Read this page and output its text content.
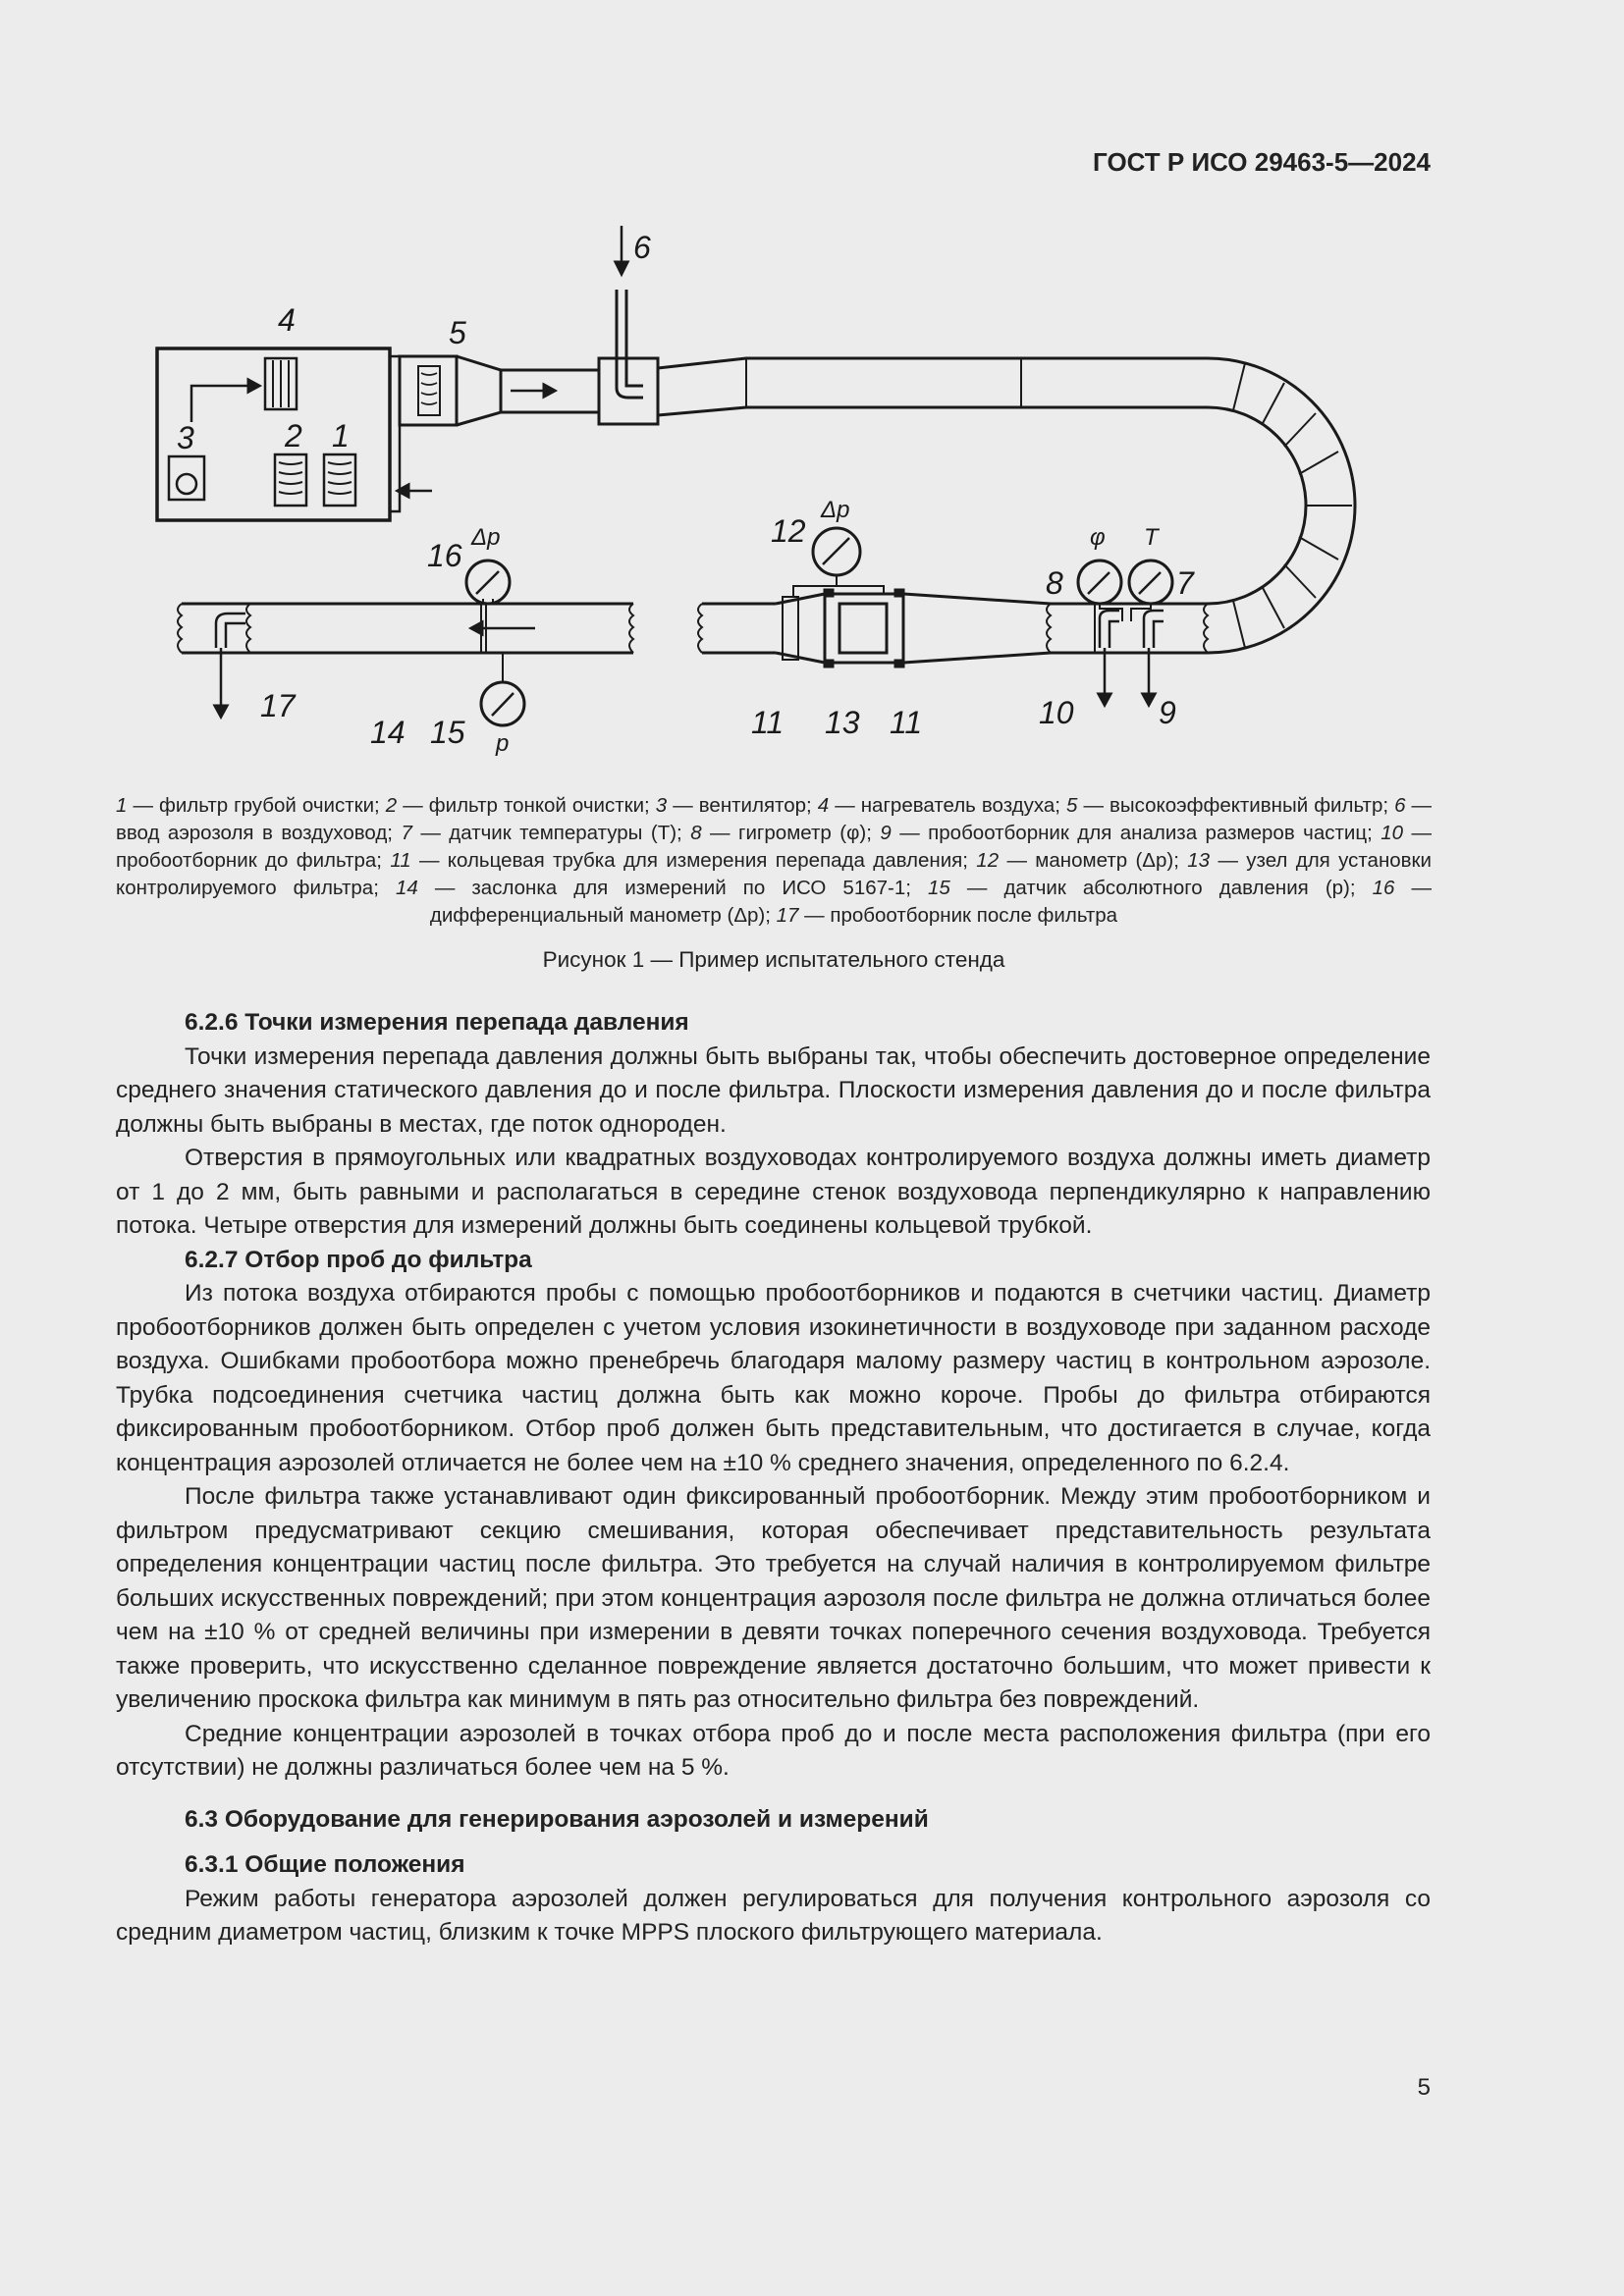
ГОСТ Р ИСО 29463-5—2024
4	5
6
3	2 1
16
Δp	12
Δp
8
φ T
7
10	9
11 13 11
17
14 15 p
1 — фильтр грубой очистки; 2 — фильтр тонкой очистки; 3 — вентилятор; 4 — нагреватель воздуха; 5 — высокоэффективный фильтр; 6 — ввод аэрозоля в воздуховод; 7 — датчик температуры (T); 8 — гигрометр (φ); 9 — пробоотборник для анализа размеров частиц; 10 — пробоотборник до фильтра; 11 — кольцевая трубка для измерения перепада давления; 12 — манометр (Δp); 13 — узел для установки контролируемого фильтра; 14 — заслонка для измерений по ИСО 5167-1; 15 — датчик абсолютного давления (p); 16 — дифференциальный манометр (Δp); 17 — пробоотборник после фильтра
Рисунок 1 — Пример испытательного стенда
6.2.6 Точки измерения перепада давления

Точки измерения перепада давления должны быть выбраны так, чтобы обеспечить достоверное определение среднего значения статического давления до и после фильтра. Плоскости измерения давления до и после фильтра должны быть выбраны в местах, где поток однороден.

Отверстия в прямоугольных или квадратных воздуховодах контролируемого воздуха должны иметь диаметр от 1 до 2 мм, быть равными и располагаться в середине стенок воздуховода перпендикулярно к направлению потока. Четыре отверстия для измерений должны быть соединены кольцевой трубкой.

6.2.7 Отбор проб до фильтра

Из потока воздуха отбираются пробы с помощью пробоотборников и подаются в счетчики частиц. Диаметр пробоотборников должен быть определен с учетом условия изокинетичности в воздуховоде при заданном расходе воздуха. Ошибками пробоотбора можно пренебречь благодаря малому размеру частиц в контрольном аэрозоле. Трубка подсоединения счетчика частиц должна быть как можно короче. Пробы до фильтра отбираются фиксированным пробоотборником. Отбор проб должен быть представительным, что достигается в случае, когда концентрация аэрозолей отличается не более чем на ±10 % среднего значения, определенного по 6.2.4.

После фильтра также устанавливают один фиксированный пробоотборник. Между этим пробоотборником и фильтром предусматривают секцию смешивания, которая обеспечивает представительность результата определения концентрации частиц после фильтра. Это требуется на случай наличия в контролируемом фильтре больших искусственных повреждений; при этом концентрация аэрозоля после фильтра не должна отличаться более чем на ±10 % от средней величины при измерении в девяти точках поперечного сечения воздуховода. Требуется также проверить, что искусственно сделанное повреждение является достаточно большим, что может привести к увеличению проскока фильтра как минимум в пять раз относительно фильтра без повреждений.

Средние концентрации аэрозолей в точках отбора проб до и после места расположения фильтра (при его отсутствии) не должны различаться более чем на 5 %.

6.3 Оборудование для генерирования аэрозолей и измерений
6.3.1 Общие положения

Режим работы генератора аэрозолей должен регулироваться для получения контрольного аэрозоля со средним диаметром частиц, близким к точке MPPS плоского фильтрующего материала.

5
